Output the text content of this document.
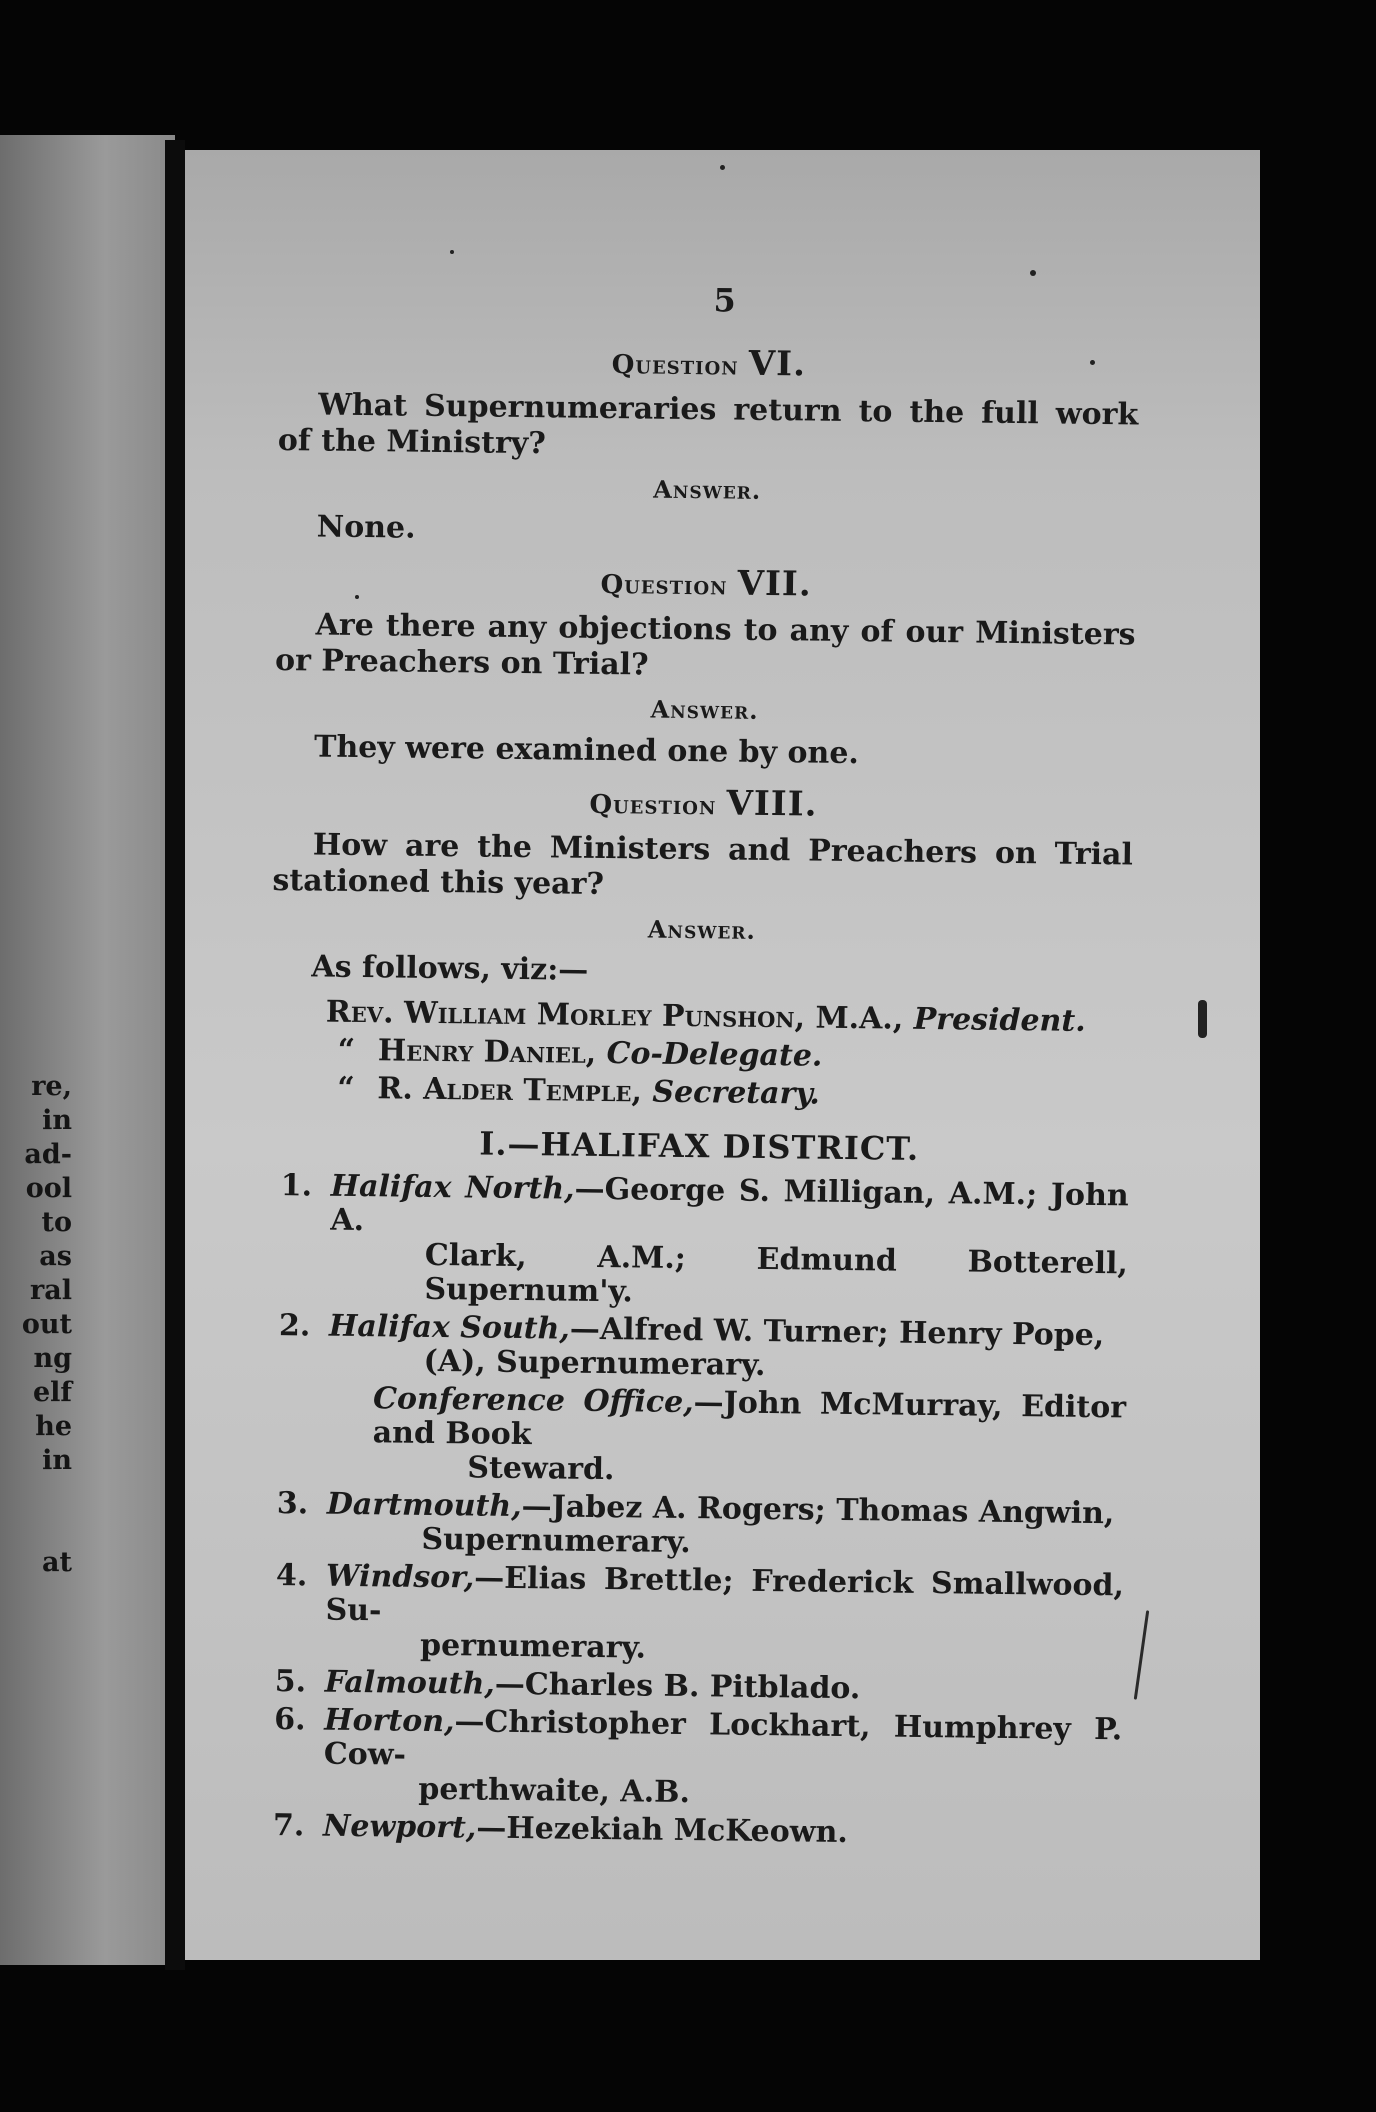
re,
in
ad-
ool
to
as
ral
out
ng
elf
he
in
at
5
Question VI.

What Supernumeraries return to the full work of the Ministry?

Answer.
None.
Question VII.

Are there any objections to any of our Ministers or Preachers on Trial?

Answer.
They were examined one by one.
Question VIII.

How are the Ministers and Preachers on Trial stationed this year?

Answer.
As follows, viz:—
Rev. William Morley Punshon, M.A., President.
“ Henry Daniel, Co-Delegate.
“ R. Alder Temple, Secretary.
I.—HALIFAX DISTRICT.
1. Halifax North,—George S. Milligan, A.M.; John A.
Clark, A.M.; Edmund Botterell, Supernum'y.
2. Halifax South,—Alfred W. Turner; Henry Pope,
(A), Supernumerary.
Conference Office,—John McMurray, Editor and Book
Steward.
3. Dartmouth,—Jabez A. Rogers; Thomas Angwin,
Supernumerary.
4. Windsor,—Elias Brettle; Frederick Smallwood, Su-
pernumerary.
5. Falmouth,—Charles B. Pitblado.
6. Horton,—Christopher Lockhart, Humphrey P. Cow-
perthwaite, A.B.
7. Newport,—Hezekiah McKeown.
